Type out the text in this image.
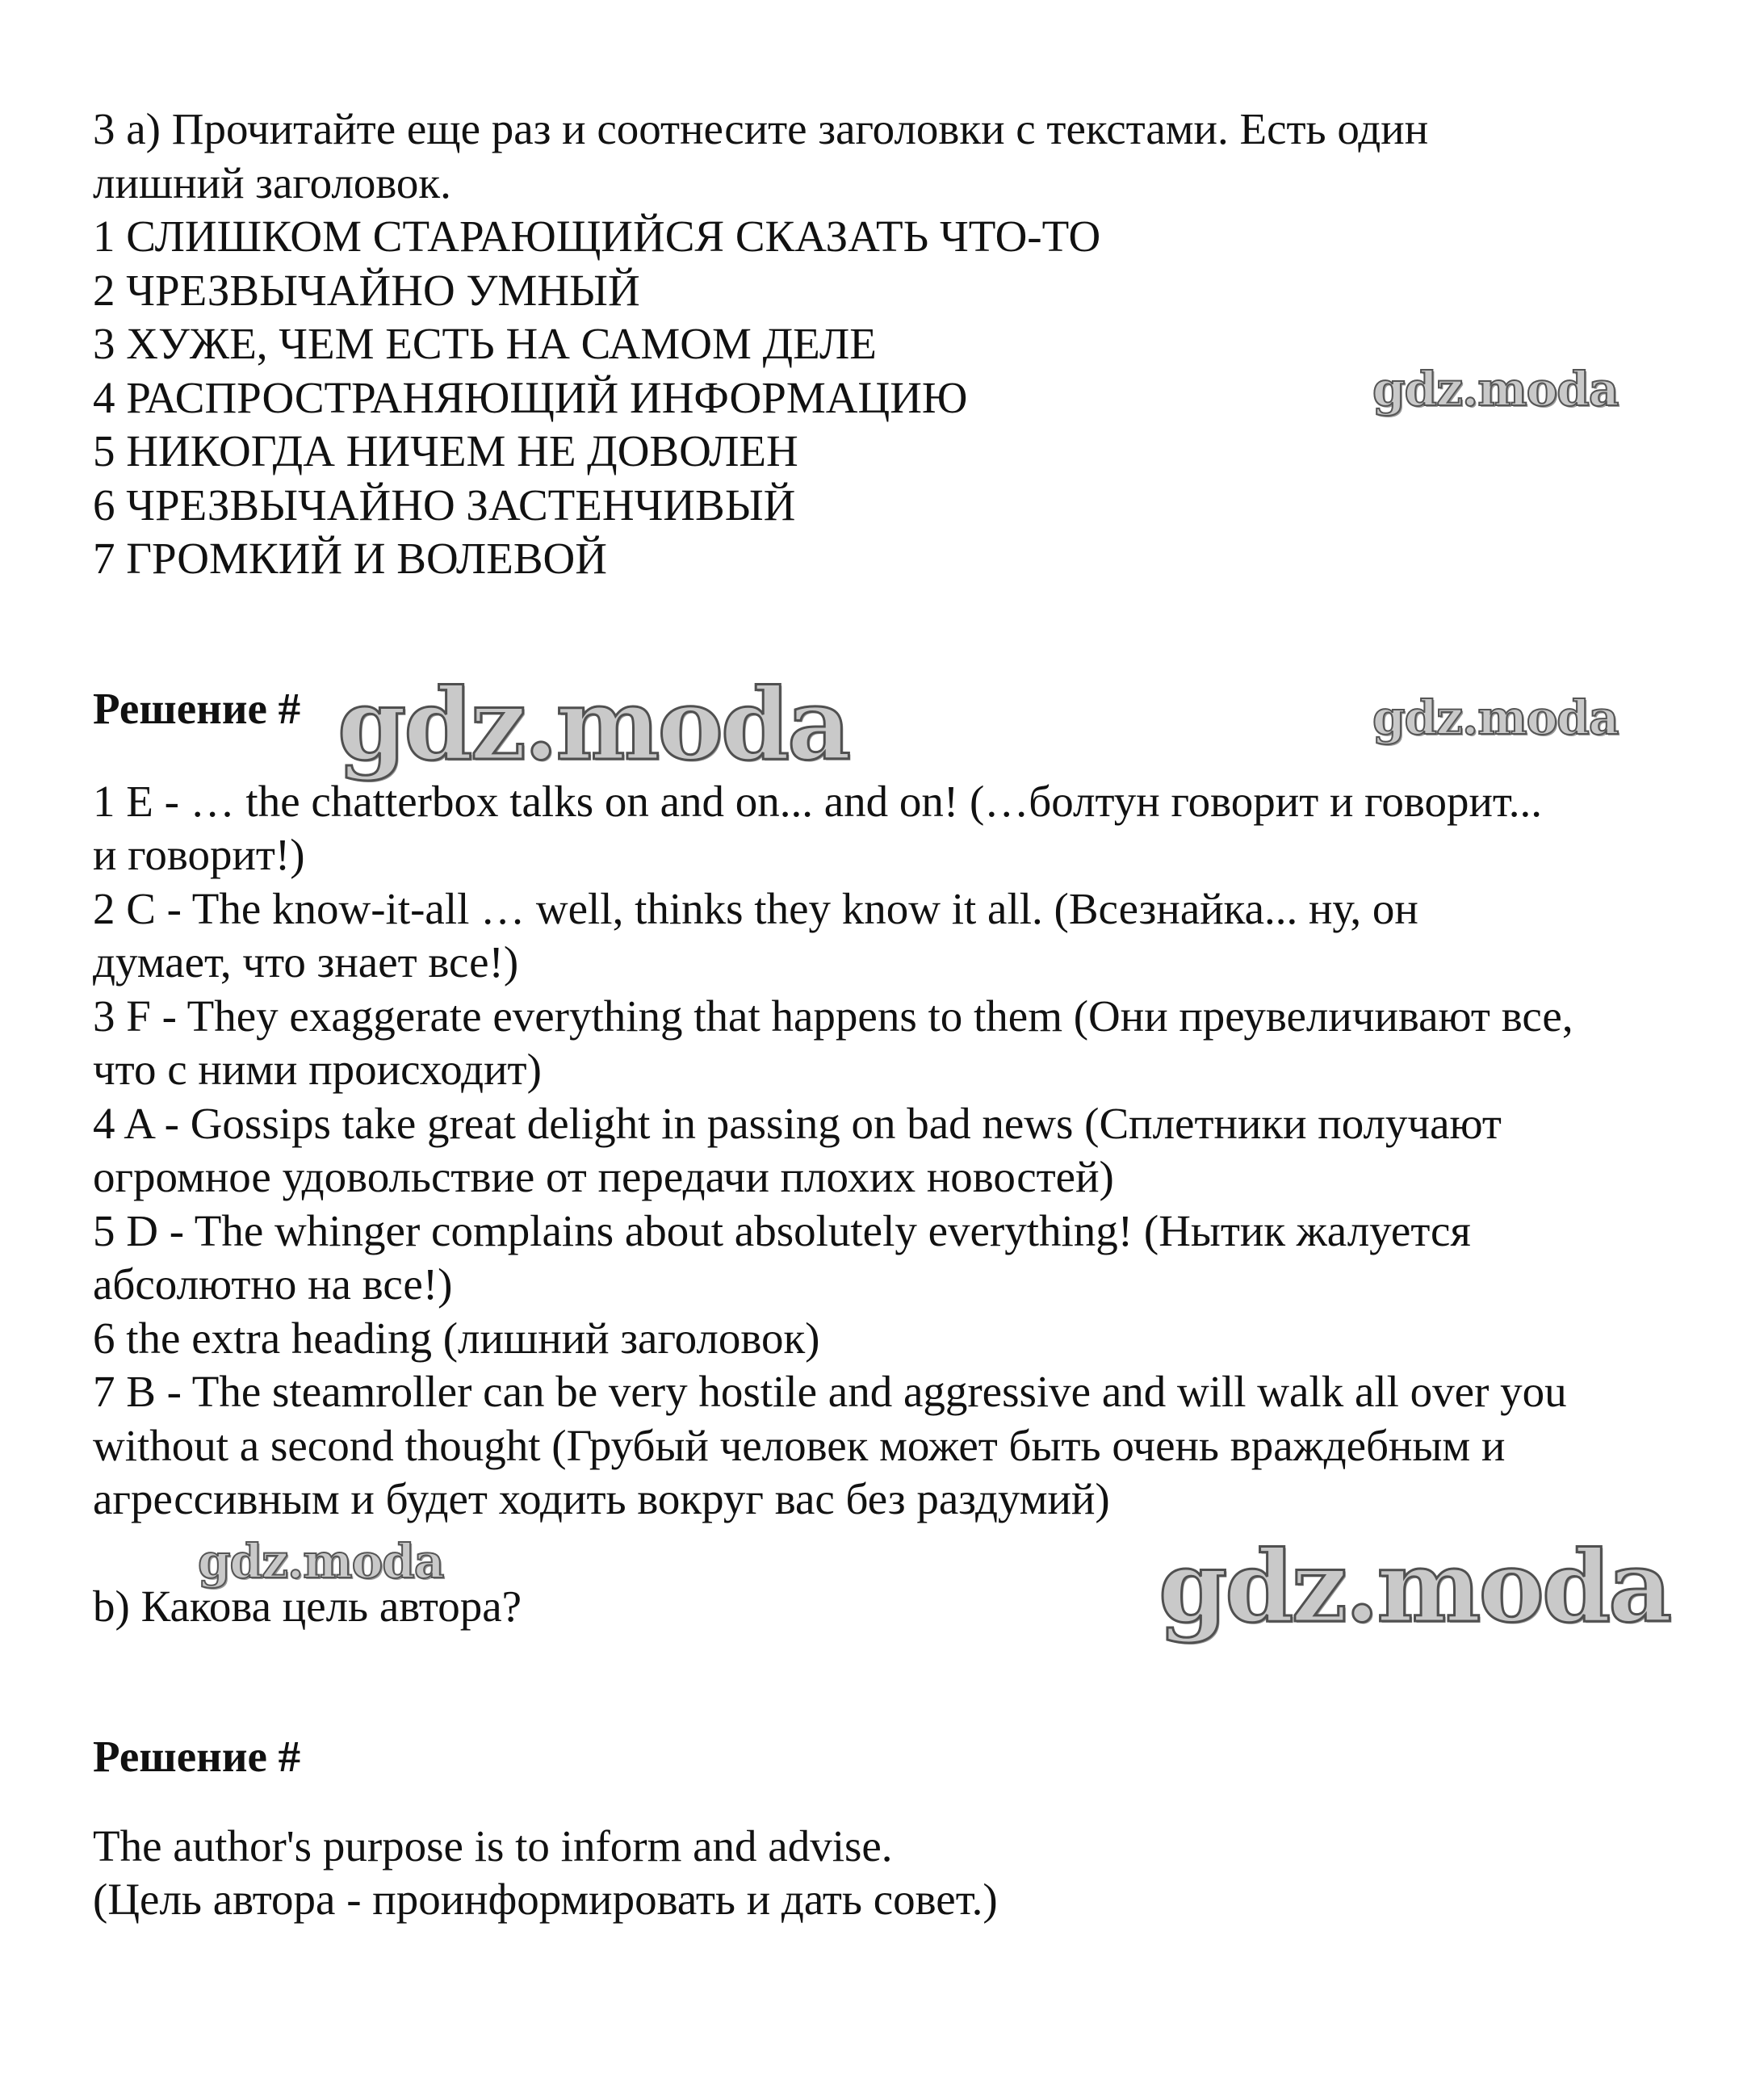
3 a) Прочитайте еще раз и соотнесите заголовки с текстами. Есть один

лишний заголовок.

1 СЛИШКОМ СТАРАЮЩИЙСЯ СКАЗАТЬ ЧТО-ТО

2 ЧРЕЗВЫЧАЙНО УМНЫЙ

3 ХУЖЕ, ЧЕМ ЕСТЬ НА САМОМ ДЕЛЕ

4 РАСПРОСТРАНЯЮЩИЙ ИНФОРМАЦИЮ

5 НИКОГДА НИЧЕМ НЕ ДОВОЛЕН

6 ЧРЕЗВЫЧАЙНО ЗАСТЕНЧИВЫЙ

7 ГРОМКИЙ И ВОЛЕВОЙ

Решение #

1 E - … the chatterbox talks on and on... and on! (…болтун говорит и говорит...

и говорит!)

2 C - The know-it-all … well, thinks they know it all. (Всезнайка... ну, он

думает, что знает все!)

3 F - They exaggerate everything that happens to them (Они преувеличивают все,

что с ними происходит)

4 A - Gossips take great delight in passing on bad news (Сплетники получают

огромное удовольствие от передачи плохих новостей)

5 D - The whinger complains about absolutely everything! (Нытик жалуется

абсолютно на все!)

6 the extra heading (лишний заголовок)

7 B - The steamroller can be very hostile and aggressive and will walk all over you

without a second thought (Грубый человек может быть очень враждебным и

агрессивным и будет ходить вокруг вас без раздумий)

b) Какова цель автора?

Решение #

The author's purpose is to inform and advise.

(Цель автора - проинформировать и дать совет.)

gdz.moda
gdz.moda	gdz.moda
gdz.moda	gdz.moda
